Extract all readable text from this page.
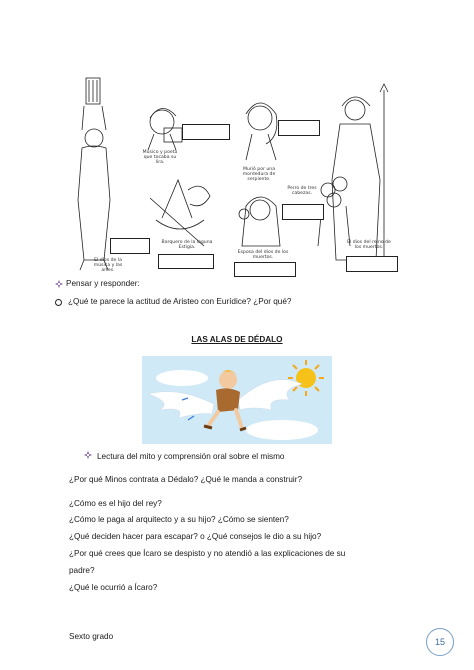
El dios de la música y las artes.
Músico y poeta que tocaba su lira.
Barquero de la laguna Estigia.
Murió por una mordedura de serpiente.
Esposa del dios de los muertos.
Perro de tres cabezas.
El dios del reino de los muertos.
Pensar y responder:
¿Qué te parece la actitud de Aristeo con Eurídice? ¿Por qué?
LAS ALAS DE DÉDALO
Lectura del mito y comprensión oral sobre el mismo
¿Por qué Minos contrata a Dédalo? ¿Qué le manda a construir?
¿Cómo es el hijo del rey?
¿Cómo le paga al arquitecto y a su hijo? ¿Cómo se sienten?
¿Qué deciden hacer para escapar? o ¿Qué consejos le dio a su hijo?
¿Por qué crees que Ícaro se despisto y no atendió a las explicaciones de su
padre?
¿Qué le ocurrió a Ícaro?
Sexto grado
15
